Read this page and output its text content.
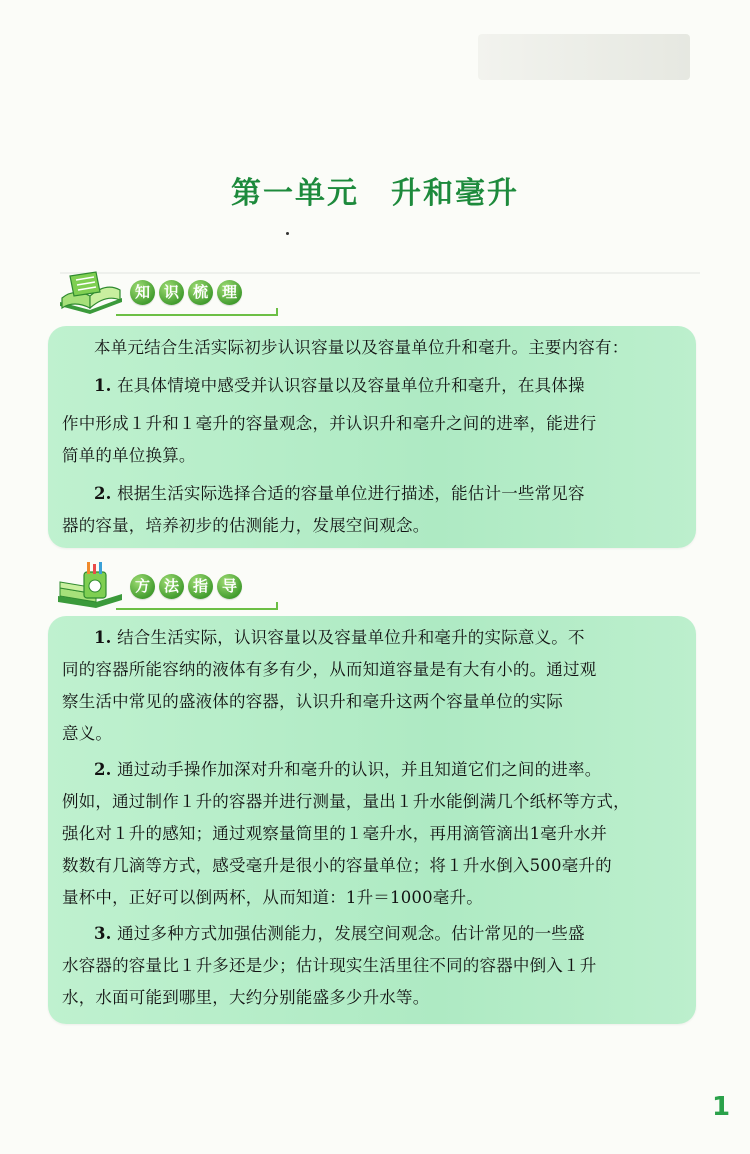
第一单元　升和毫升
知 识 梳 理

本单元结合生活实际初步认识容量以及容量单位升和毫升。主要内容有：

1. 在具体情境中感受并认识容量以及容量单位升和毫升，在具体操

作中形成１升和１毫升的容量观念，并认识升和毫升之间的进率，能进行

简单的单位换算。

2. 根据生活实际选择合适的容量单位进行描述，能估计一些常见容

器的容量，培养初步的估测能力，发展空间观念。

方 法 指 导

1. 结合生活实际，认识容量以及容量单位升和毫升的实际意义。不

同的容器所能容纳的液体有多有少，从而知道容量是有大有小的。通过观

察生活中常见的盛液体的容器，认识升和毫升这两个容量单位的实际

意义。

2. 通过动手操作加深对升和毫升的认识，并且知道它们之间的进率。

例如，通过制作１升的容器并进行测量，量出１升水能倒满几个纸杯等方式，

强化对１升的感知；通过观察量筒里的１毫升水，再用滴管滴出1毫升水并

数数有几滴等方式，感受毫升是很小的容量单位；将１升水倒入500毫升的

量杯中，正好可以倒两杯，从而知道：1升＝1000毫升。

3. 通过多种方式加强估测能力，发展空间观念。估计常见的一些盛

水容器的容量比１升多还是少；估计现实生活里往不同的容器中倒入１升

水，水面可能到哪里，大约分别能盛多少升水等。

1
